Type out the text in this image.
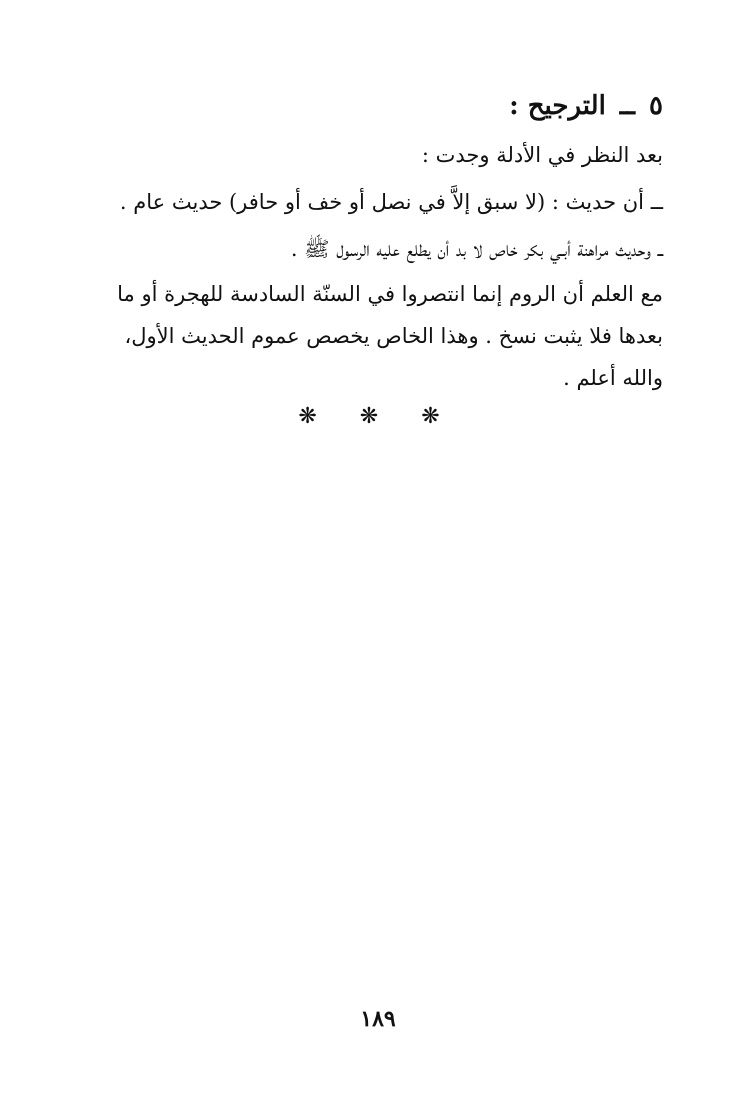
٥ــالترجيح :

بعد النظر في الأدلة وجدت :

ــ أن حديث : (لا سبق إلاَّ في نصل أو خف أو حافر) حديث عام .

ــ وحديث مراهنة أبـي بكر خاص لا بد أن يطلع عليه الرسول ﷺ .

مع العلم أن الروم إنما انتصروا في السنّة السادسة للهجرة أو ما

بعدها فلا يثبت نسخ . وهذا الخاص يخصص عموم الحديث الأول،

والله أعلم .

❋ ❋ ❋
١٨٩
